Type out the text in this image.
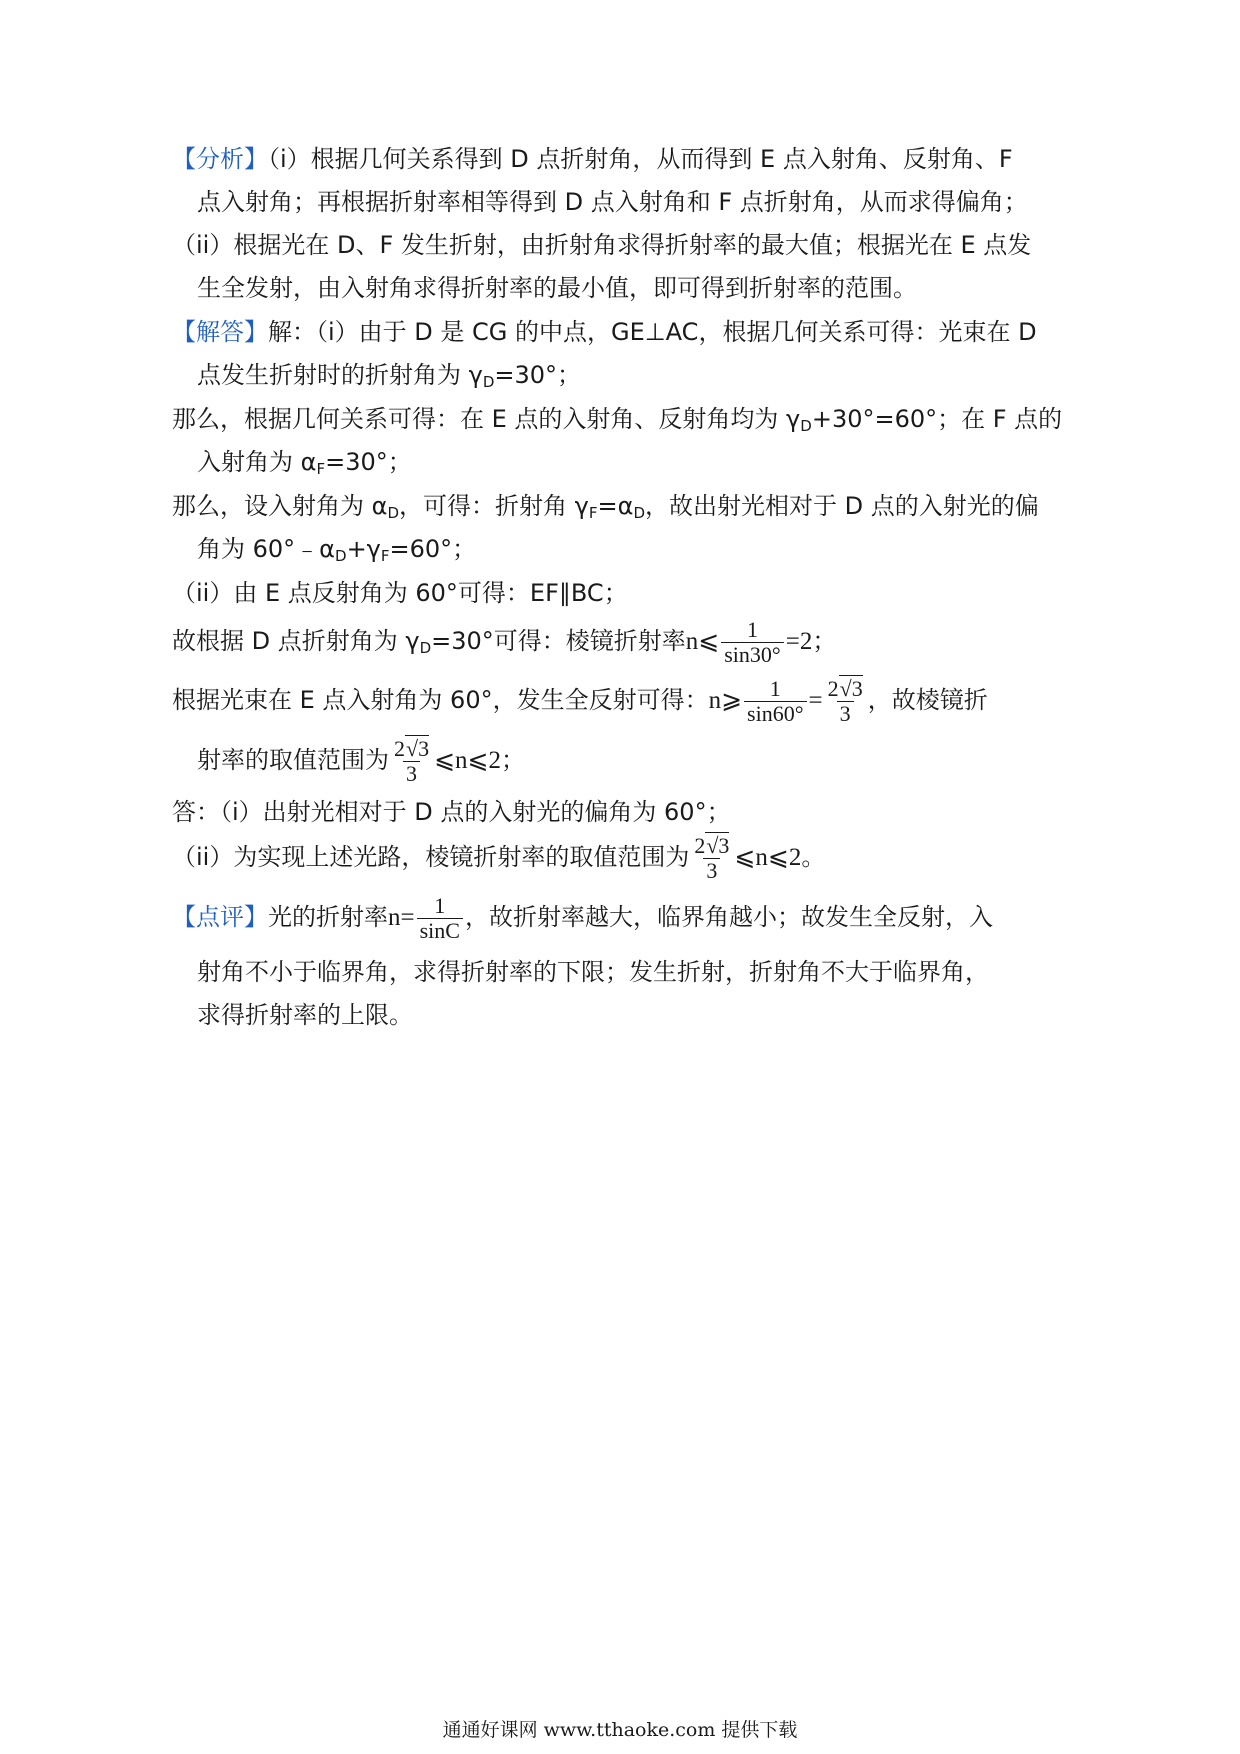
【分析】（i）根据几何关系得到 D 点折射角，从而得到 E 点入射角、反射角、F
点入射角；再根据折射率相等得到 D 点入射角和 F 点折射角，从而求得偏角；
（ii）根据光在 D、F 发生折射，由折射角求得折射率的最大值；根据光在 E 点发
生全发射，由入射角求得折射率的最小值，即可得到折射率的范围。
【解答】解：（i）由于 D 是 CG 的中点，GE⊥AC，根据几何关系可得：光束在 D
点发生折射时的折射角为 $\gamma_D=30^\circ$；
那么，根据几何关系可得：在 E 点的入射角、反射角均为 $\gamma_D+30^\circ=60^\circ$；在 F 点的
入射角为 $\alpha_F=30^\circ$；
那么，设入射角为 $\alpha_D$，可得：折射角 $\gamma_F=\alpha_D$，故出射光相对于 D 点的入射光的偏
角为 $60^\circ﹣\alpha_D+\gamma_F=60^\circ$；
（ii）由 E 点反射角为 60°可得：EF∥BC；
故根据 D 点折射角为 $\gamma_D=30^\circ$可得：棱镜折射率n⩽ $\frac{1}{\sin 30^\circ} =2$；
根据光束在 E 点入射角为 60°，发生全反射可得：n⩾ $\frac{1}{\sin 60^\circ} = \frac{2√3}{3}$ ，故棱镜折
射率的取值范围为 $\frac{2√3}{3}$ ⩽n⩽2；
答：（i）出射光相对于 D 点的入射光的偏角为 60°；
（ii）为实现上述光路，棱镜折射率的取值范围为 $\frac{2√3}{3}$ ⩽n⩽2。
【点评】光的折射率$n= \frac{1}{\sin C}$ ，故折射率越大，临界角越小；故发生全反射，入
射角不小于临界角，求得折射率的下限；发生折射，折射角不大于临界角，
求得折射率的上限。
通通好课网 www.tthaoke.com 提供下载
